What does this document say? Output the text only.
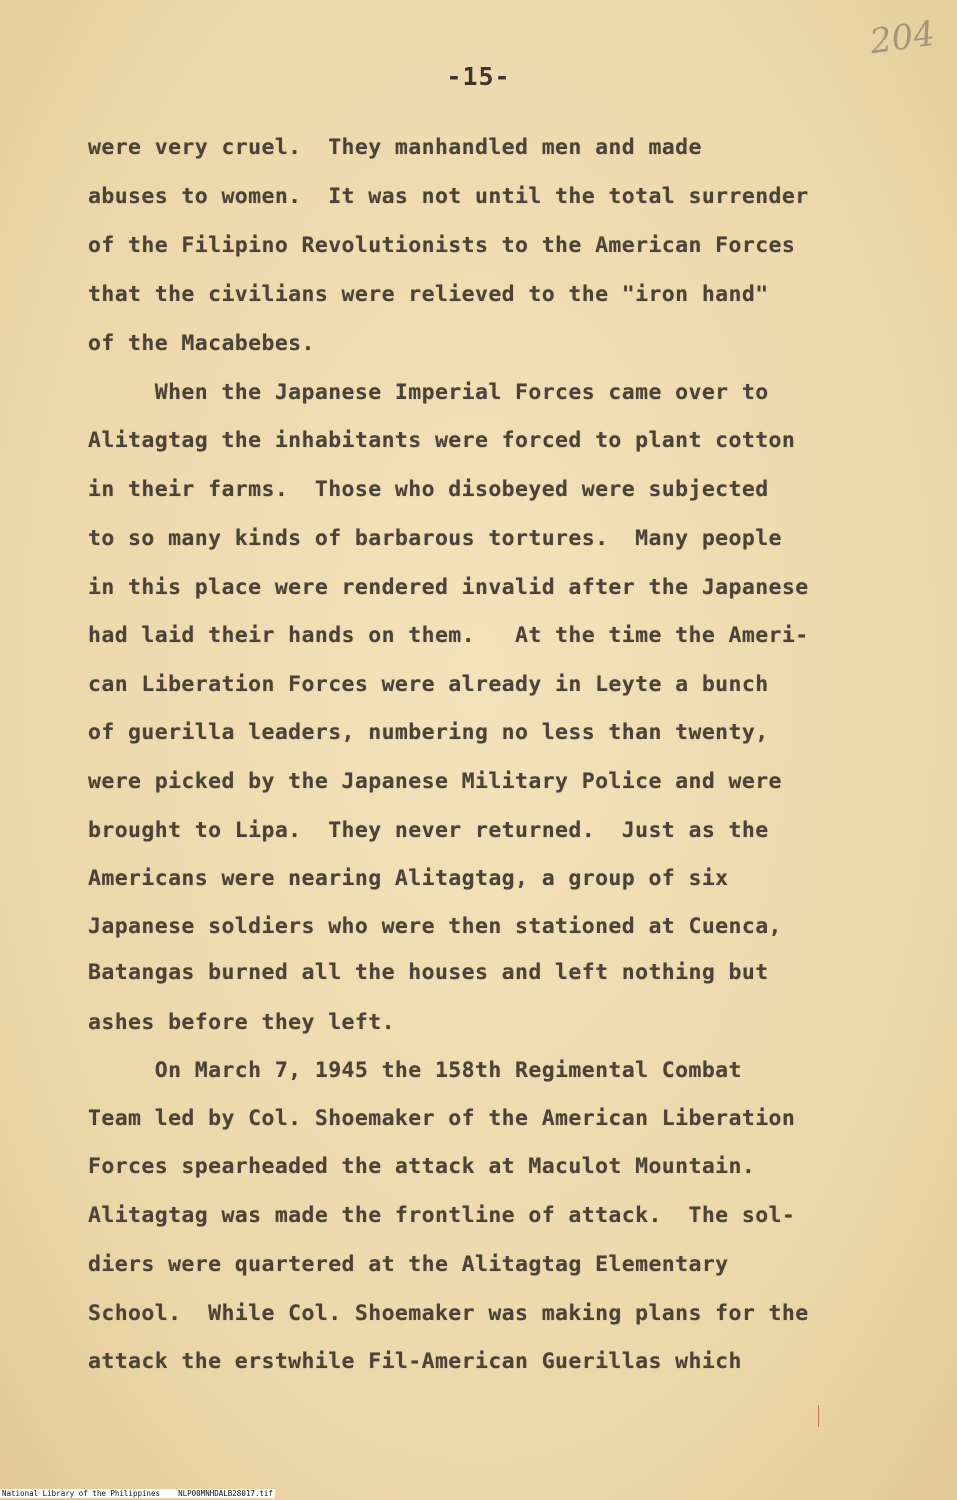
204
-15-
were very cruel.  They manhandled men and made
abuses to women.  It was not until the total surrender
of the Filipino Revolutionists to the American Forces
that the civilians were relieved to the "iron hand"
of the Macabebes.
When the Japanese Imperial Forces came over to
Alitagtag the inhabitants were forced to plant cotton
in their farms.  Those who disobeyed were subjected
to so many kinds of barbarous tortures.  Many people
in this place were rendered invalid after the Japanese
had laid their hands on them.   At the time the Ameri-
can Liberation Forces were already in Leyte a bunch
of guerilla leaders, numbering no less than twenty,
were picked by the Japanese Military Police and were
brought to Lipa.  They never returned.  Just as the
Americans were nearing Alitagtag, a group of six
Japanese soldiers who were then stationed at Cuenca,
Batangas burned all the houses and left nothing but
ashes before they left.
On March 7, 1945 the 158th Regimental Combat
Team led by Col. Shoemaker of the American Liberation
Forces spearheaded the attack at Maculot Mountain.
Alitagtag was made the frontline of attack.  The sol-
diers were quartered at the Alitagtag Elementary
School.  While Col. Shoemaker was making plans for the
attack the erstwhile Fil-American Guerillas which
National Library of the Philippines    NLP00MNHDALB28017.tif
